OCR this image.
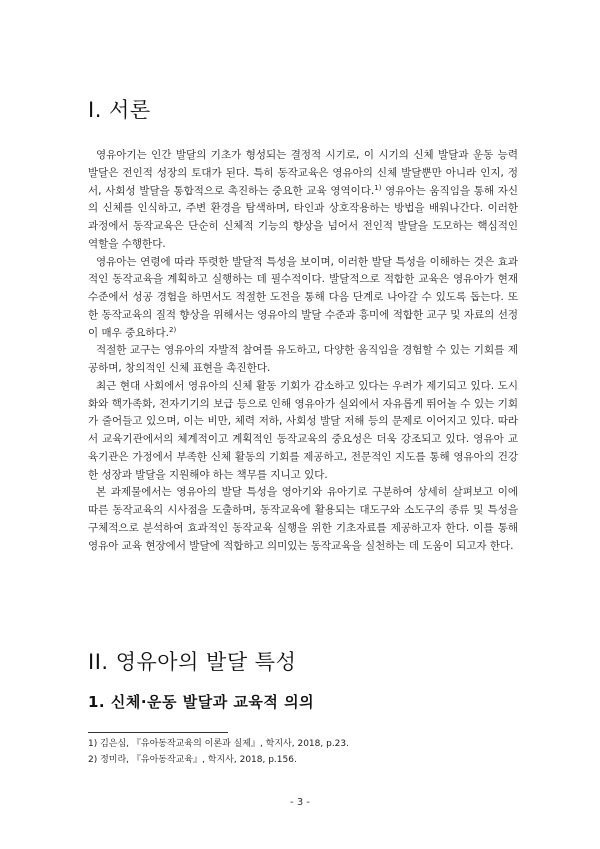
I. 서론

영유아기는 인간 발달의 기초가 형성되는 결정적 시기로, 이 시기의 신체 발달과 운동 능력 발달은 전인적 성장의 토대가 된다. 특히 동작교육은 영유아의 신체 발달뿐만 아니라 인지, 정서, 사회성 발달을 통합적으로 촉진하는 중요한 교육 영역이다.$^{1)}$ 영유아는 움직임을 통해 자신의 신체를 인식하고, 주변 환경을 탐색하며, 타인과 상호작용하는 방법을 배워나간다. 이러한 과정에서 동작교육은 단순히 신체적 기능의 향상을 넘어서 전인적 발달을 도모하는 핵심적인 역할을 수행한다.

영유아는 연령에 따라 뚜렷한 발달적 특성을 보이며, 이러한 발달 특성을 이해하는 것은 효과적인 동작교육을 계획하고 실행하는 데 필수적이다. 발달적으로 적합한 교육은 영유아가 현재 수준에서 성공 경험을 하면서도 적절한 도전을 통해 다음 단계로 나아갈 수 있도록 돕는다. 또한 동작교육의 질적 향상을 위해서는 영유아의 발달 수준과 흥미에 적합한 교구 및 자료의 선정이 매우 중요하다.$^{2)}$

적절한 교구는 영유아의 자발적 참여를 유도하고, 다양한 움직임을 경험할 수 있는 기회를 제공하며, 창의적인 신체 표현을 촉진한다.

최근 현대 사회에서 영유아의 신체 활동 기회가 감소하고 있다는 우려가 제기되고 있다. 도시화와 핵가족화, 전자기기의 보급 등으로 인해 영유아가 실외에서 자유롭게 뛰어놀 수 있는 기회가 줄어들고 있으며, 이는 비만, 체력 저하, 사회성 발달 저해 등의 문제로 이어지고 있다. 따라서 교육기관에서의 체계적이고 계획적인 동작교육의 중요성은 더욱 강조되고 있다. 영유아 교육기관은 가정에서 부족한 신체 활동의 기회를 제공하고, 전문적인 지도를 통해 영유아의 건강한 성장과 발달을 지원해야 하는 책무를 지니고 있다.

본 과제물에서는 영유아의 발달 특성을 영아기와 유아기로 구분하여 상세히 살펴보고 이에 따른 동작교육의 시사점을 도출하며, 동작교육에 활용되는 대도구와 소도구의 종류 및 특성을 구체적으로 분석하여 효과적인 동작교육 실행을 위한 기초자료를 제공하고자 한다. 이를 통해 영유아 교육 현장에서 발달에 적합하고 의미있는 동작교육을 실천하는 데 도움이 되고자 한다.

II. 영유아의 발달 특성
1. 신체·운동 발달과 교육적 의의
1) 김은심, 『유아동작교육의 이론과 실제』, 학지사, 2018, p.23.
2) 정미라, 『유아동작교육』, 학지사, 2018, p.156.
- 3 -
